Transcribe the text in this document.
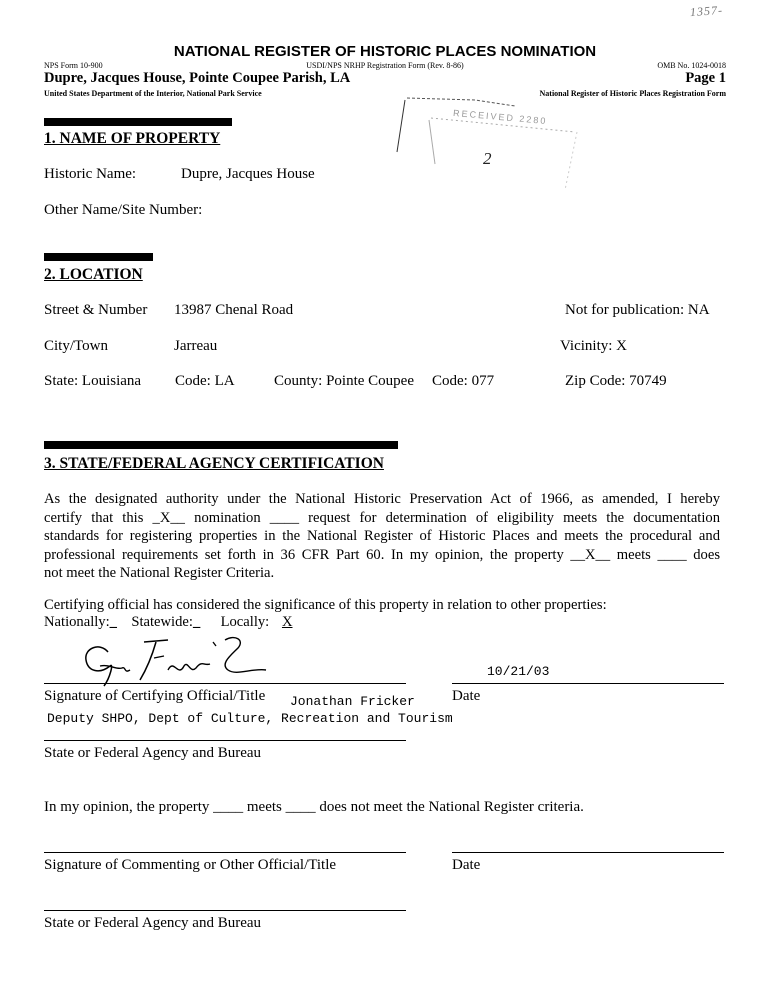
1357-
NATIONAL REGISTER OF HISTORIC PLACES NOMINATION
NPS Form 10-900	USDI/NPS NRHP Registration Form (Rev. 8-86)	OMB No. 1024-0018
Dupre, Jacques House, Pointe Coupee Parish, LA	Page 1
United States Department of the Interior, National Park Service	National Register of Historic Places Registration Form
RECEIVED 2280
2
1. NAME OF PROPERTY
Historic Name:	Dupre, Jacques House
Other Name/Site Number:
2. LOCATION
Street & Number 13987 Chenal Road	Not for publication: NA
City/Town	Jarreau	Vicinity: X
State: Louisiana Code: LA	County: Pointe Coupee Code: 077	Zip Code: 70749
3. STATE/FEDERAL AGENCY CERTIFICATION
As the designated authority under the National Historic Preservation Act of 1966, as amended, I hereby
certify that this _X__ nomination ____ request for determination of eligibility meets the documentation
standards for registering properties in the National Register of Historic Places and meets the procedural and
professional requirements set forth in 36 CFR Part 60. In my opinion, the property __X__ meets ____ does
not meet the National Register Criteria.
Certifying official has considered the significance of this property in relation to other properties:
Nationally:_ Statewide:_ Locally:X
10/21/03
Signature of Certifying Official/Title Jonathan Fricker Date
Deputy SHPO, Dept of Culture, Recreation and Tourism
State or Federal Agency and Bureau
In my opinion, the property ____ meets ____ does not meet the National Register criteria.
Signature of Commenting or Other Official/Title	Date
State or Federal Agency and Bureau
